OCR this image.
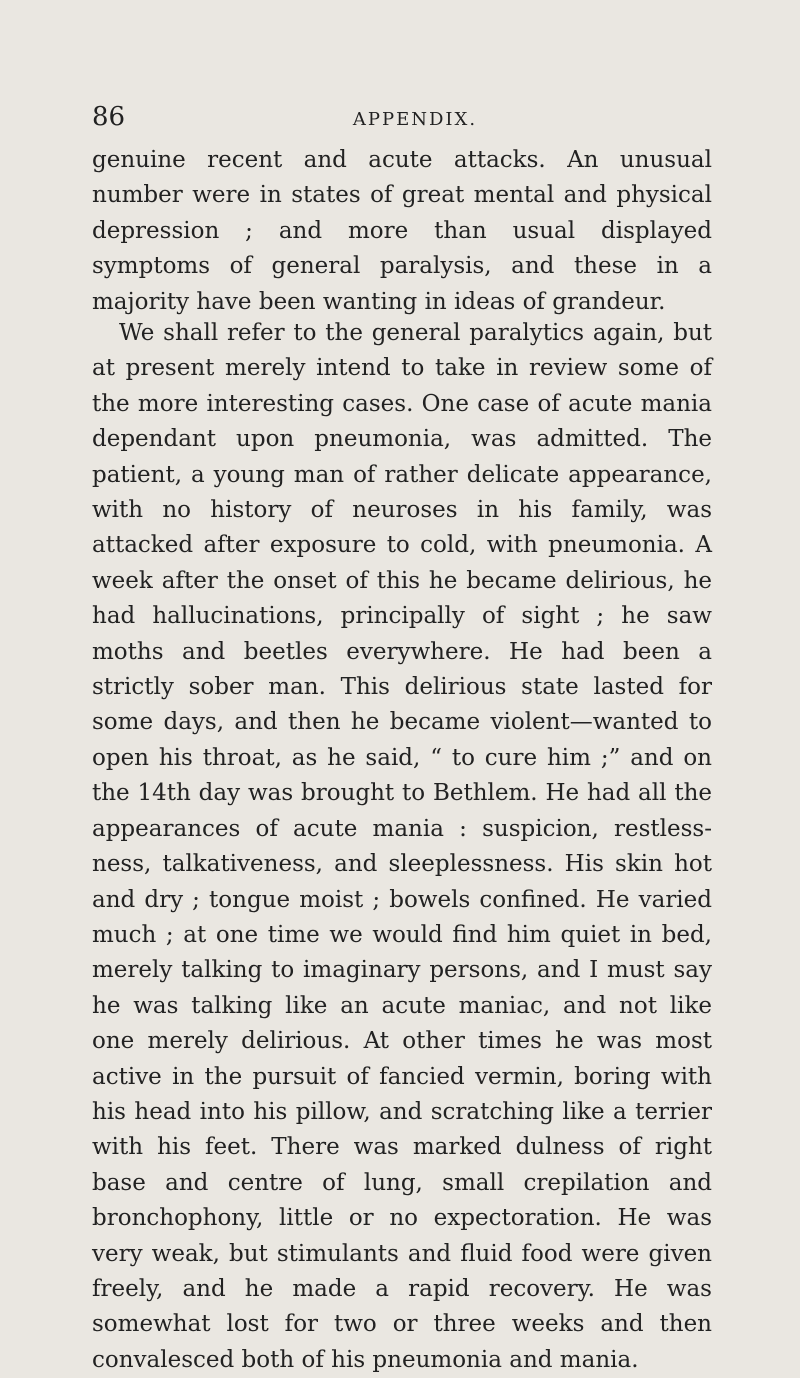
86	APPENDIX.

genuine recent and acute attacks. An unusual number were in states of great mental and physical depression ; and more than usual displayed symptoms of general paralysis, and these in a majority have been wanting in ideas of grandeur.

We shall refer to the general paralytics again, but at present merely intend to take in review some of the more interesting cases. One case of acute mania dependant upon pneumonia, was admitted. The patient, a young man of rather delicate appearance, with no history of neuroses in his family, was attacked after exposure to cold, with pneumonia. A week after the onset of this he became delirious, he had hallucinations, principally of sight ; he saw moths and beetles everywhere. He had been a strictly sober man. This delirious state lasted for some days, and then he became violent—wanted to open his throat, as he said, “ to cure him ;” and on the 14th day was brought to Bethlem. He had all the appearances of acute mania : suspicion, restlessness, talkativeness, and sleeplessness. His skin hot and dry ; tongue moist ; bowels confined. He varied much ; at one time we would find him quiet in bed, merely talking to imaginary persons, and I must say he was talking like an acute maniac, and not like one merely delirious. At other times he was most active in the pursuit of fancied vermin, boring with his head into his pillow, and scratching like a terrier with his feet. There was marked dulness of right base and centre of lung, small crepilation and bronchophony, little or no expectoration. He was very weak, but stimulants and fluid food were given freely, and he made a rapid recovery. He was somewhat lost for two or three weeks and then convalesced both of his pneumonia and mania.
